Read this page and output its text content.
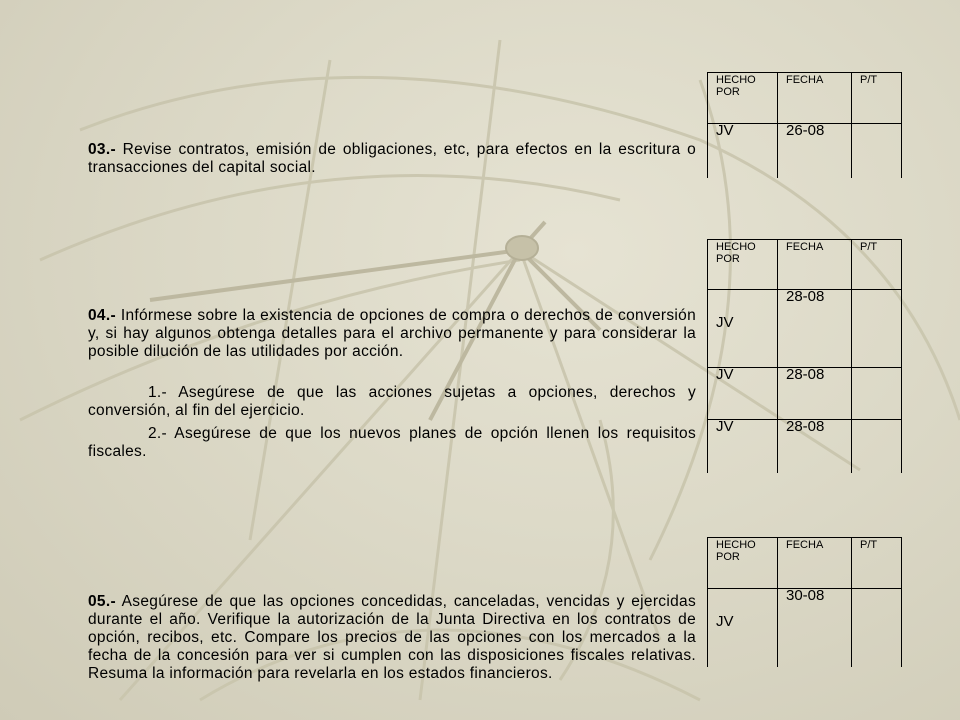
03.- Revise contratos, emisión de obligaciones, etc, para efectos en la escritura o transacciones del capital social.
HECHO POR	FECHA	P/T
JV	26-08	
04.- Infórmese sobre la existencia de opciones de compra o derechos de conversión y, si hay algunos obtenga detalles para el archivo permanente y para considerar la posible dilución de las utilidades por acción.
1.- Asegúrese de que las acciones sujetas a opciones, derechos y conversión, al fin del ejercicio.
2.- Asegúrese de que los nuevos planes de opción llenen los requisitos fiscales.
HECHO POR	FECHA	P/T
JV	28-08	
JV	28-08	
JV	28-08	
05.- Asegúrese de que las opciones concedidas, canceladas, vencidas y ejercidas durante el año. Verifique la autorización de la Junta Directiva en los contratos de opción, recibos, etc. Compare los precios de las opciones con los mercados a la fecha de la concesión para ver si cumplen con las disposiciones fiscales relativas. Resuma la información para revelarla en los estados financieros.
HECHO POR	FECHA	P/T
JV	30-08	
